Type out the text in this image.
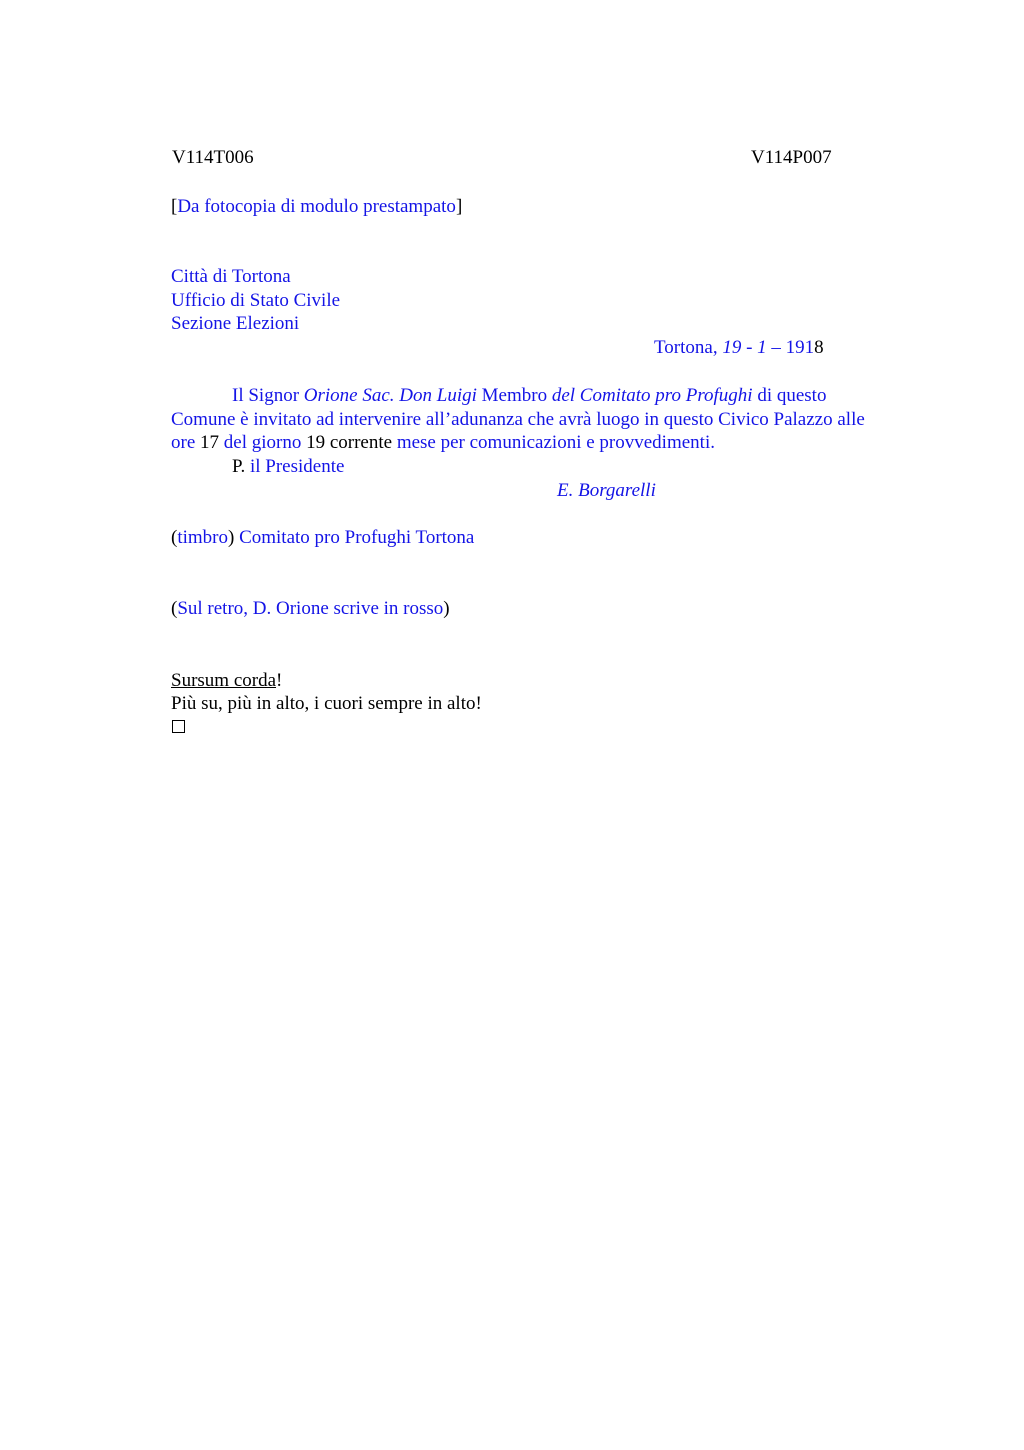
V114T006	V114P007
[Da fotocopia di modulo prestampato]
Città di Tortona
Ufficio di Stato Civile
Sezione Elezioni
Tortona, 19 - 1 – 1918
Il Signor Orione Sac. Don Luigi Membro del Comitato pro Profughi di questo
Comune è invitato ad intervenire all’adunanza che avrà luogo in questo Civico Palazzo alle
ore 17 del giorno 19 corrente mese per comunicazioni e provvedimenti.
P. il Presidente
E. Borgarelli
(timbro) Comitato pro Profughi Tortona
(Sul retro, D. Orione scrive in rosso)
Sursum corda!
Più su, più in alto, i cuori sempre in alto!
